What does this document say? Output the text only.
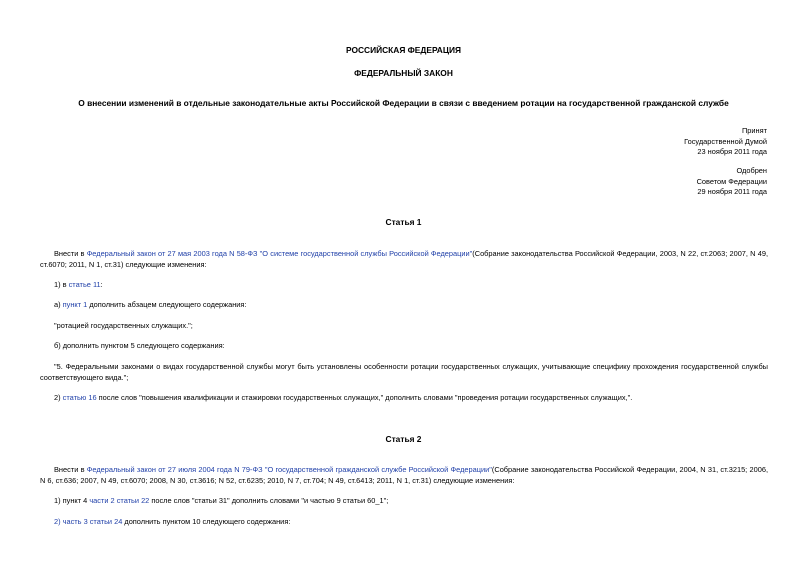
РОССИЙСКАЯ ФЕДЕРАЦИЯ
ФЕДЕРАЛЬНЫЙ ЗАКОН
О внесении изменений в отдельные законодательные акты Российской Федерации в связи с введением ротации на государственной гражданской службе
Принят
Государственной Думой
23 ноября 2011 года
Одобрен
Советом Федерации
29 ноября 2011 года
Статья 1

Внести в Федеральный закон от 27 мая 2003 года N 58-ФЗ "О системе государственной службы Российской Федерации"(Собрание законодательства Российской Федерации, 2003, N 22, ст.2063; 2007, N 49, ст.6070; 2011, N 1, ст.31) следующие изменения:

1) в статье 11:

а) пункт 1 дополнить абзацем следующего содержания:

"ротацией государственных служащих.";

б) дополнить пунктом 5 следующего содержания:

"5. Федеральными законами о видах государственной службы могут быть установлены особенности ротации государственных служащих, учитывающие специфику прохождения государственной службы соответствующего вида.";

2) статью 16 после слов "повышения квалификации и стажировки государственных служащих," дополнить словами "проведения ротации государственных служащих,".

Статья 2

Внести в Федеральный закон от 27 июля 2004 года N 79-ФЗ "О государственной гражданской службе Российской Федерации"(Собрание законодательства Российской Федерации, 2004, N 31, ст.3215; 2006, N 6, ст.636; 2007, N 49, ст.6070; 2008, N 30, ст.3616; N 52, ст.6235; 2010, N 7, ст.704; N 49, ст.6413; 2011, N 1, ст.31) следующие изменения:

1) пункт 4 части 2 статьи 22 после слов "статьи 31" дополнить словами "и частью 9 статьи 60_1";

2) часть 3 статьи 24 дополнить пунктом 10 следующего содержания:
